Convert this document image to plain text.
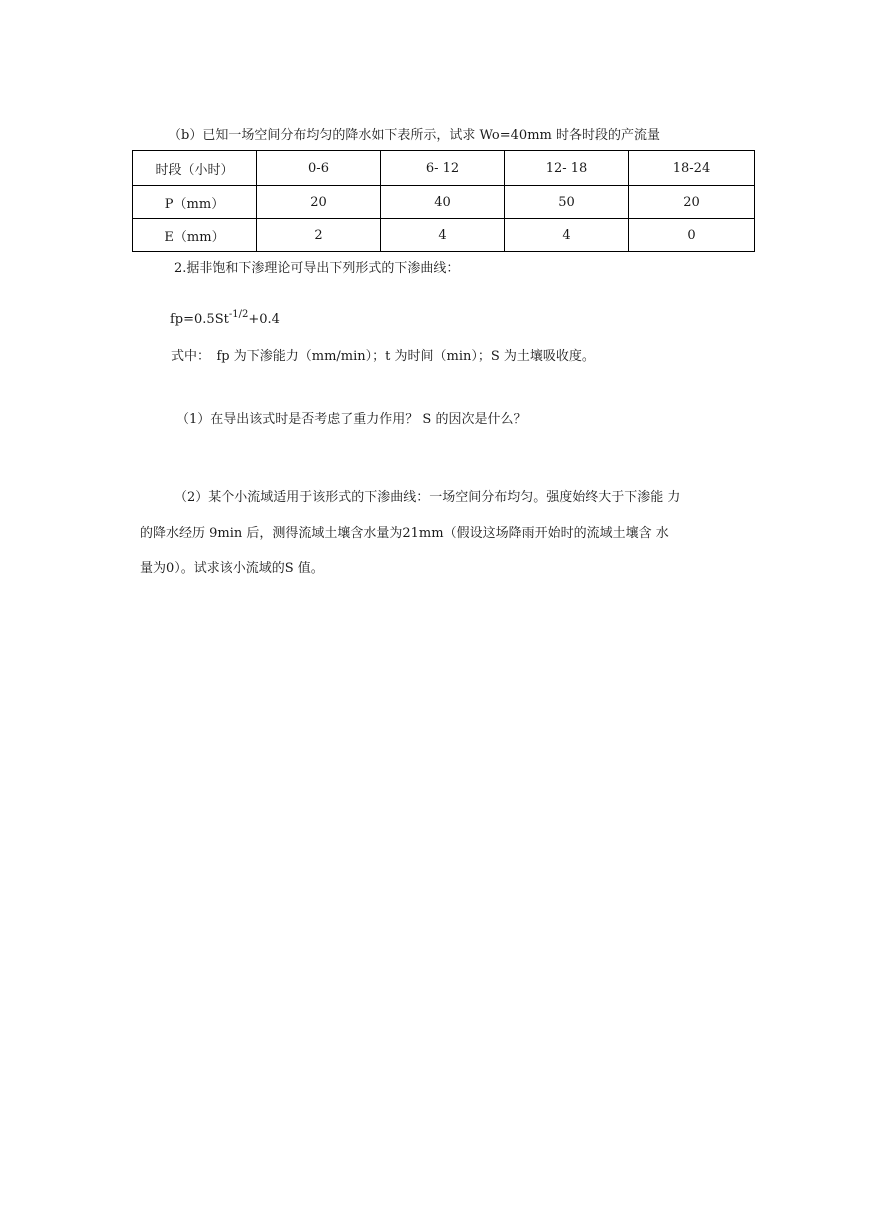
（b）已知一场空间分布均匀的降水如下表所示，试求 Wo=40mm 时各时段的产流量
时段（小时）	0-6	6- 12	12- 18	18-24
P（mm）	20	40	50	20
E（mm）	2	4	4	0
2.据非饱和下渗理论可导出下列形式的下渗曲线：
$fp=0.5St^{-1/2}+0.4$
式中：　fp 为下渗能力（mm/min）；t 为时间（min）；S 为土壤吸收度。
（1）在导出该式时是否考虑了重力作用？ S 的因次是什么？
（2）某个小流域适用于该形式的下渗曲线：一场空间分布均匀。强度始终大于下渗能 力
的降水经历 9min 后，测得流域土壤含水量为21mm（假设这场降雨开始时的流域土壤含 水
量为0）。试求该小流域的S 值。
